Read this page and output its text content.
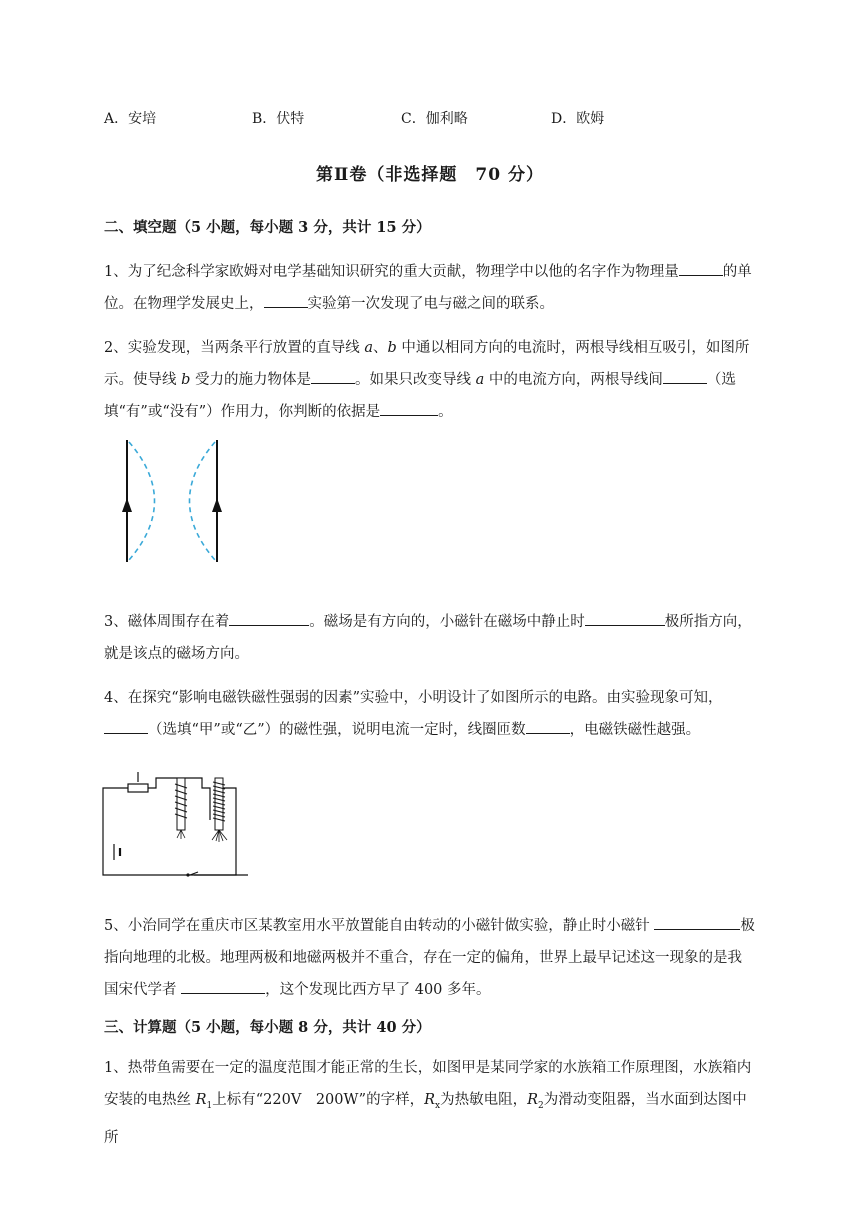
A．安培	B．伏特	C．伽利略	D．欧姆
第Ⅱ卷（非选择题　70 分）
二、填空题（5 小题，每小题 3 分，共计 15 分）
1、为了纪念科学家欧姆对电学基础知识研究的重大贡献，物理学中以他的名字作为物理量	的单位。在物理学发展史上，	实验第一次发现了电与磁之间的联系。
2、实验发现，当两条平行放置的直导线 a、b 中通以相同方向的电流时，两根导线相互吸引，如图所示。使导线 b 受力的施力物体是	。如果只改变导线 a 中的电流方向，两根导线间	（选填“有”或“没有”）作用力，你判断的依据是	。
3、磁体周围存在着	。磁场是有方向的，小磁针在磁场中静止时	极所指方向，就是该点的磁场方向。
4、在探究“影响电磁铁磁性强弱的因素”实验中，小明设计了如图所示的电路。由实验现象可知，（选填“甲”或“乙”）的磁性强，说明电流一定时，线圈匝数	，电磁铁磁性越强。
5、小治同学在重庆市区某教室用水平放置能自由转动的小磁针做实验，静止时小磁针	极指向地理的北极。地理两极和地磁两极并不重合，存在一定的偏角，世界上最早记述这一现象的是我国宋代学者	，这个发现比西方早了 400 多年。
三、计算题（5 小题，每小题 8 分，共计 40 分）
1、热带鱼需要在一定的温度范围才能正常的生长，如图甲是某同学家的水族箱工作原理图，水族箱内安装的电热丝 $R_1$上标有“220V　200W”的字样，$R_x$为热敏电阻，$R_2$为滑动变阻器，当水面到达图中所
